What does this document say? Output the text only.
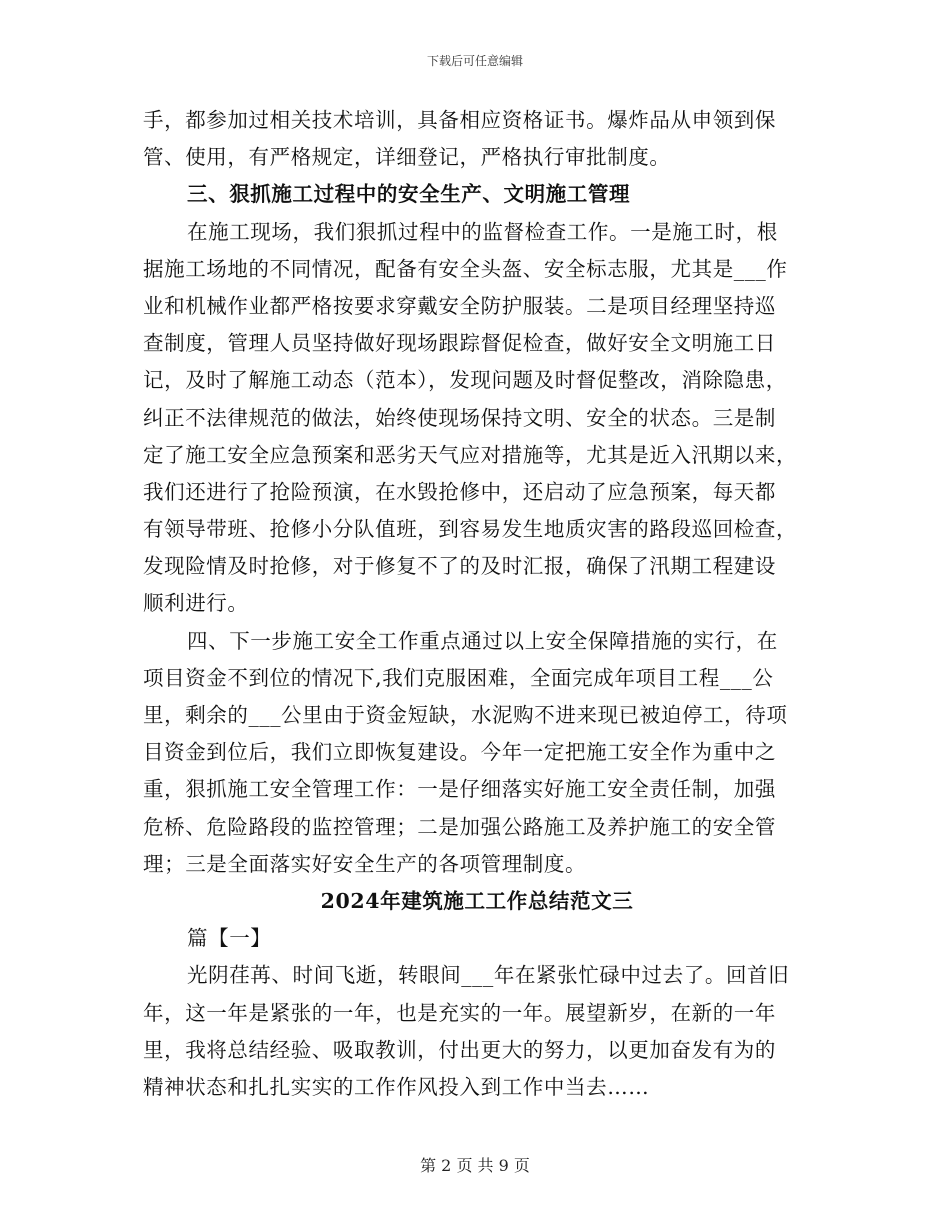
下载后可任意编辑
手，都参加过相关技术培训，具备相应资格证书。爆炸品从申领到保
管、使用，有严格规定，详细登记，严格执行审批制度。
三、狠抓施工过程中的安全生产、文明施工管理
在施工现场，我们狠抓过程中的监督检查工作。一是施工时，根
据施工场地的不同情况，配备有安全头盔、安全标志服，尤其是___作
业和机械作业都严格按要求穿戴安全防护服装。二是项目经理坚持巡
查制度，管理人员坚持做好现场跟踪督促检查，做好安全文明施工日
记，及时了解施工动态（范本），发现问题及时督促整改，消除隐患，
纠正不法律规范的做法，始终使现场保持文明、安全的状态。三是制
定了施工安全应急预案和恶劣天气应对措施等，尤其是近入汛期以来，
我们还进行了抢险预演，在水毁抢修中，还启动了应急预案，每天都
有领导带班、抢修小分队值班，到容易发生地质灾害的路段巡回检查，
发现险情及时抢修，对于修复不了的及时汇报，确保了汛期工程建设
顺利进行。
四、下一步施工安全工作重点通过以上安全保障措施的实行，在
项目资金不到位的情况下,我们克服困难，全面完成年项目工程___公
里，剩余的___公里由于资金短缺，水泥购不进来现已被迫停工，待项
目资金到位后，我们立即恢复建设。今年一定把施工安全作为重中之
重，狠抓施工安全管理工作：一是仔细落实好施工安全责任制，加强
危桥、危险路段的监控管理；二是加强公路施工及养护施工的安全管
理；三是全面落实好安全生产的各项管理制度。
2024年建筑施工工作总结范文三
篇【一】
光阴荏苒、时间飞逝，转眼间___年在紧张忙碌中过去了。回首旧
年，这一年是紧张的一年，也是充实的一年。展望新岁，在新的一年
里，我将总结经验、吸取教训，付出更大的努力，以更加奋发有为的
精神状态和扎扎实实的工作作风投入到工作中当去……
第 2 页 共 9 页
